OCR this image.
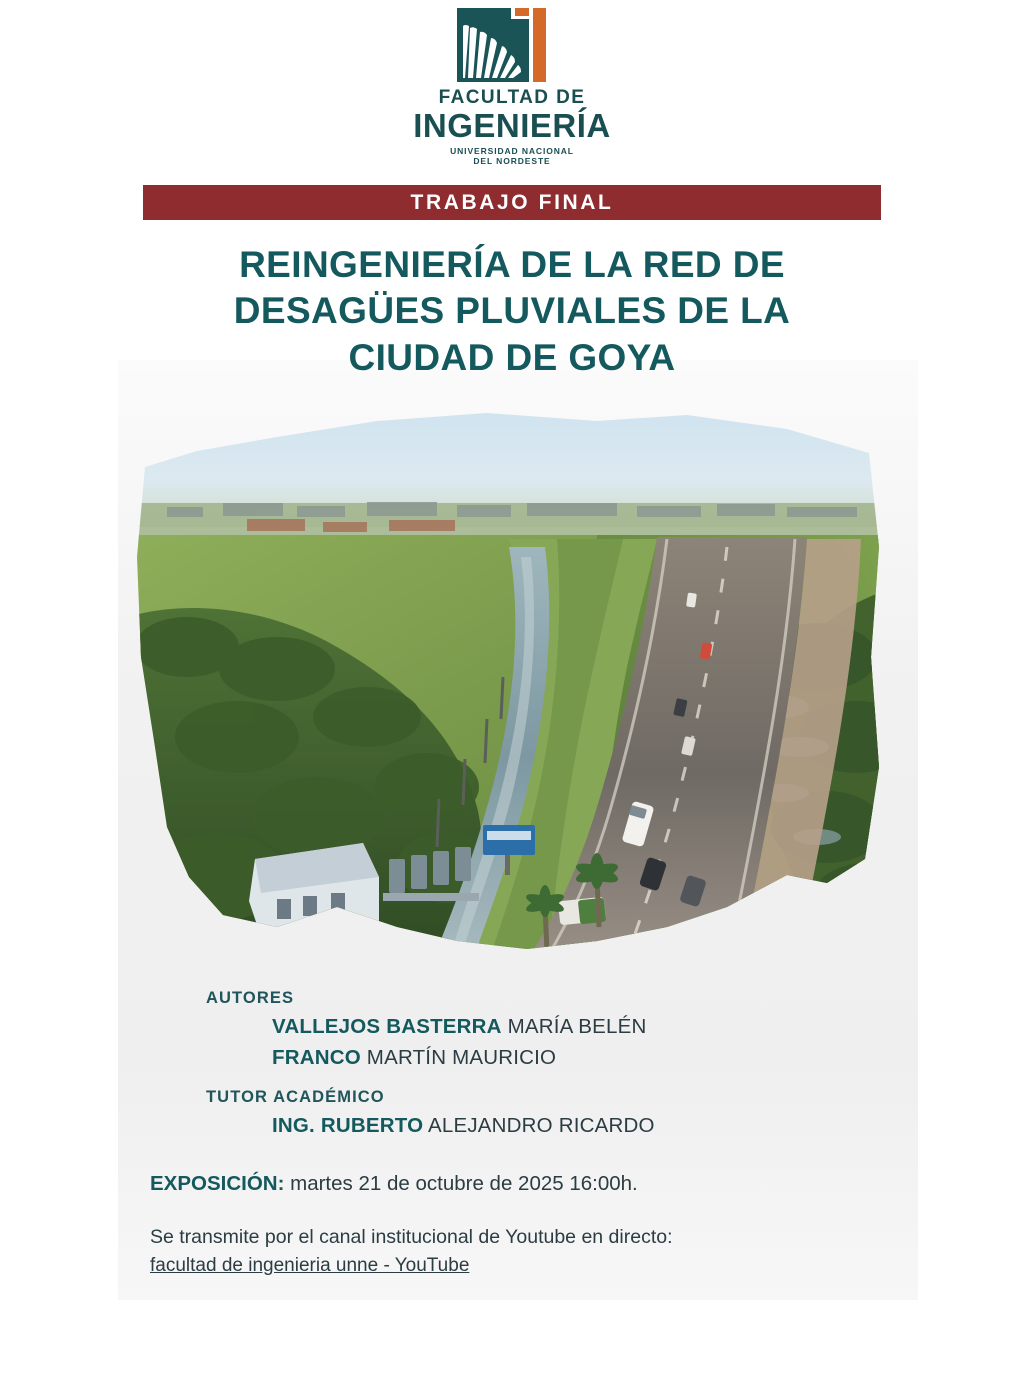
FACULTAD DE
INGENIERÍA
UNIVERSIDAD NACIONAL
DEL NORDESTE
TRABAJO FINAL
REINGENIERÍA DE LA RED DE
DESAGÜES PLUVIALES DE LA
CIUDAD DE GOYA
AUTORES
VALLEJOS BASTERRA MARÍA BELÉN
FRANCO MARTÍN MAURICIO
TUTOR ACADÉMICO
ING. RUBERTO ALEJANDRO RICARDO
EXPOSICIÓN: martes 21 de octubre de 2025 16:00h.
Se transmite por el canal institucional de Youtube en directo:
facultad de ingenieria unne - YouTube
